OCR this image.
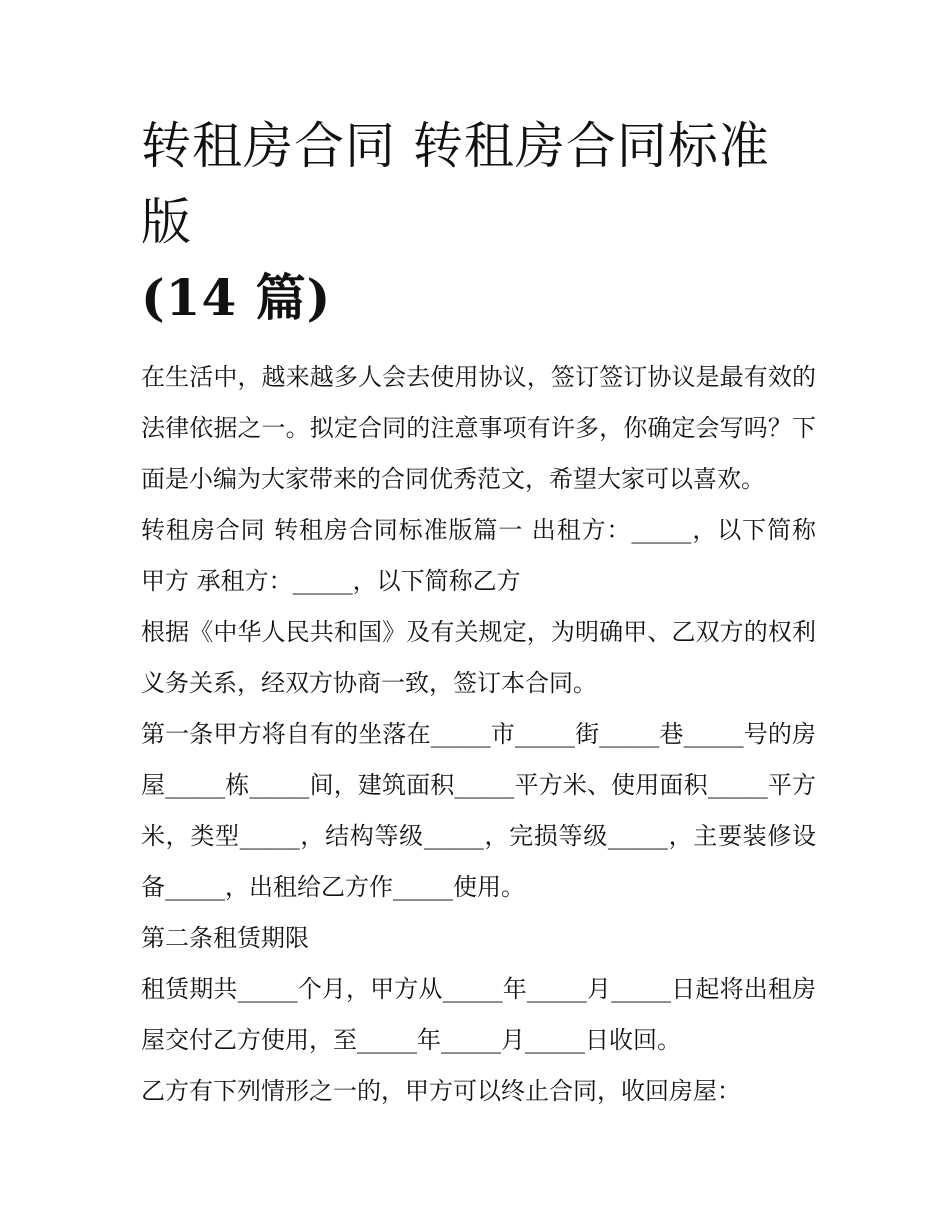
转租房合同 转租房合同标准版
(14 篇)

在生活中，越来越多人会去使用协议，签订签订协议是最有效的法律依据之一。拟定合同的注意事项有许多，你确定会写吗？下面是小编为大家带来的合同优秀范文，希望大家可以喜欢。

转租房合同 转租房合同标准版篇一 出租方：_____，以下简称甲方 承租方：_____，以下简称乙方

根据《中华人民共和国》及有关规定，为明确甲、乙双方的权利义务关系，经双方协商一致，签订本合同。

第一条甲方将自有的坐落在_____市_____街_____巷_____号的房屋_____栋_____间，建筑面积_____平方米、使用面积_____平方米，类型_____，结构等级_____，完损等级_____，主要装修设备_____，出租给乙方作_____使用。

第二条租赁期限

租赁期共_____个月，甲方从_____年_____月_____日起将出租房屋交付乙方使用，至_____年_____月_____日收回。

乙方有下列情形之一的，甲方可以终止合同，收回房屋：
